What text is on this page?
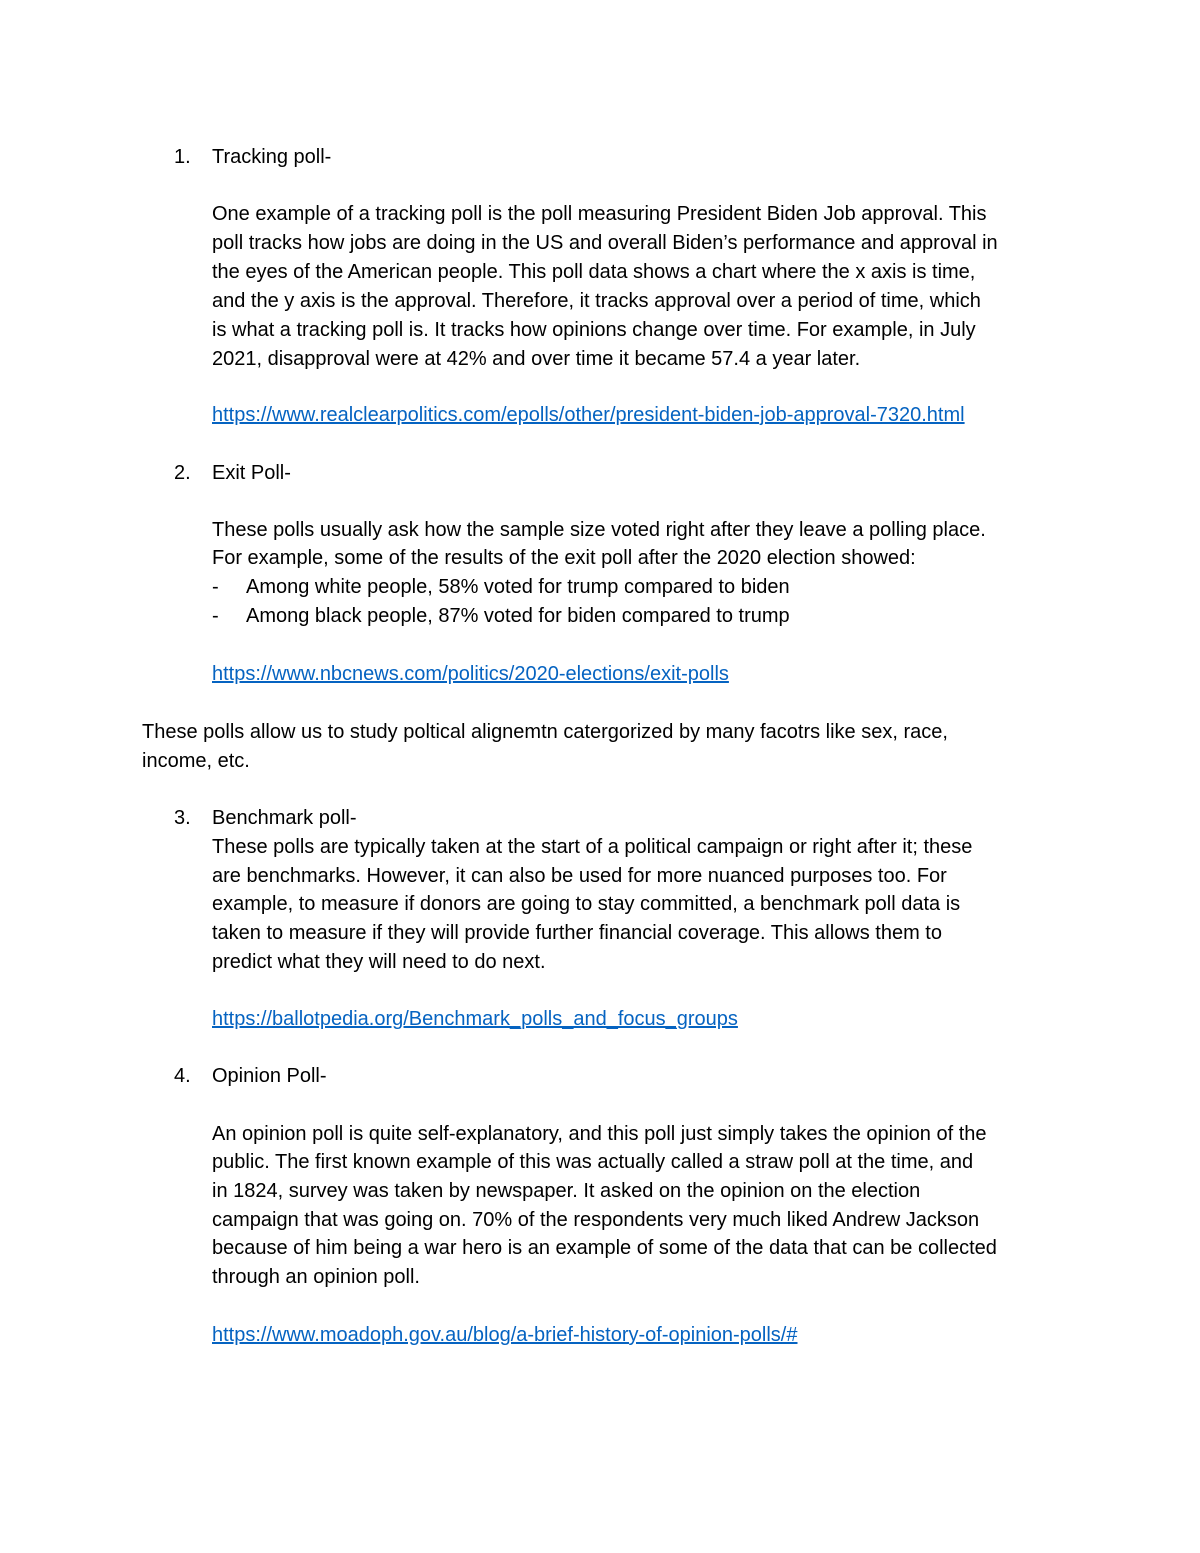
1. Tracking poll-
One example of a tracking poll is the poll measuring President Biden Job approval. This
poll tracks how jobs are doing in the US and overall Biden’s performance and approval in
the eyes of the American people. This poll data shows a chart where the x axis is time,
and the y axis is the approval. Therefore, it tracks approval over a period of time, which
is what a tracking poll is. It tracks how opinions change over time. For example, in July
2021, disapproval were at 42% and over time it became 57.4 a year later.
https://www.realclearpolitics.com/epolls/other/president-biden-job-approval-7320.html
2. Exit Poll-
These polls usually ask how the sample size voted right after they leave a polling place.
For example, some of the results of the exit poll after the 2020 election showed:
- Among white people, 58% voted for trump compared to biden
- Among black people, 87% voted for biden compared to trump
https://www.nbcnews.com/politics/2020-elections/exit-polls
These polls allow us to study poltical alignemtn catergorized by many facotrs like sex, race,
income, etc.
3. Benchmark poll-
These polls are typically taken at the start of a political campaign or right after it; these
are benchmarks. However, it can also be used for more nuanced purposes too. For
example, to measure if donors are going to stay committed, a benchmark poll data is
taken to measure if they will provide further financial coverage. This allows them to
predict what they will need to do next.
https://ballotpedia.org/Benchmark_polls_and_focus_groups
4. Opinion Poll-
An opinion poll is quite self-explanatory, and this poll just simply takes the opinion of the
public. The first known example of this was actually called a straw poll at the time, and
in 1824, survey was taken by newspaper. It asked on the opinion on the election
campaign that was going on. 70% of the respondents very much liked Andrew Jackson
because of him being a war hero is an example of some of the data that can be collected
through an opinion poll.
https://www.moadoph.gov.au/blog/a-brief-history-of-opinion-polls/#
